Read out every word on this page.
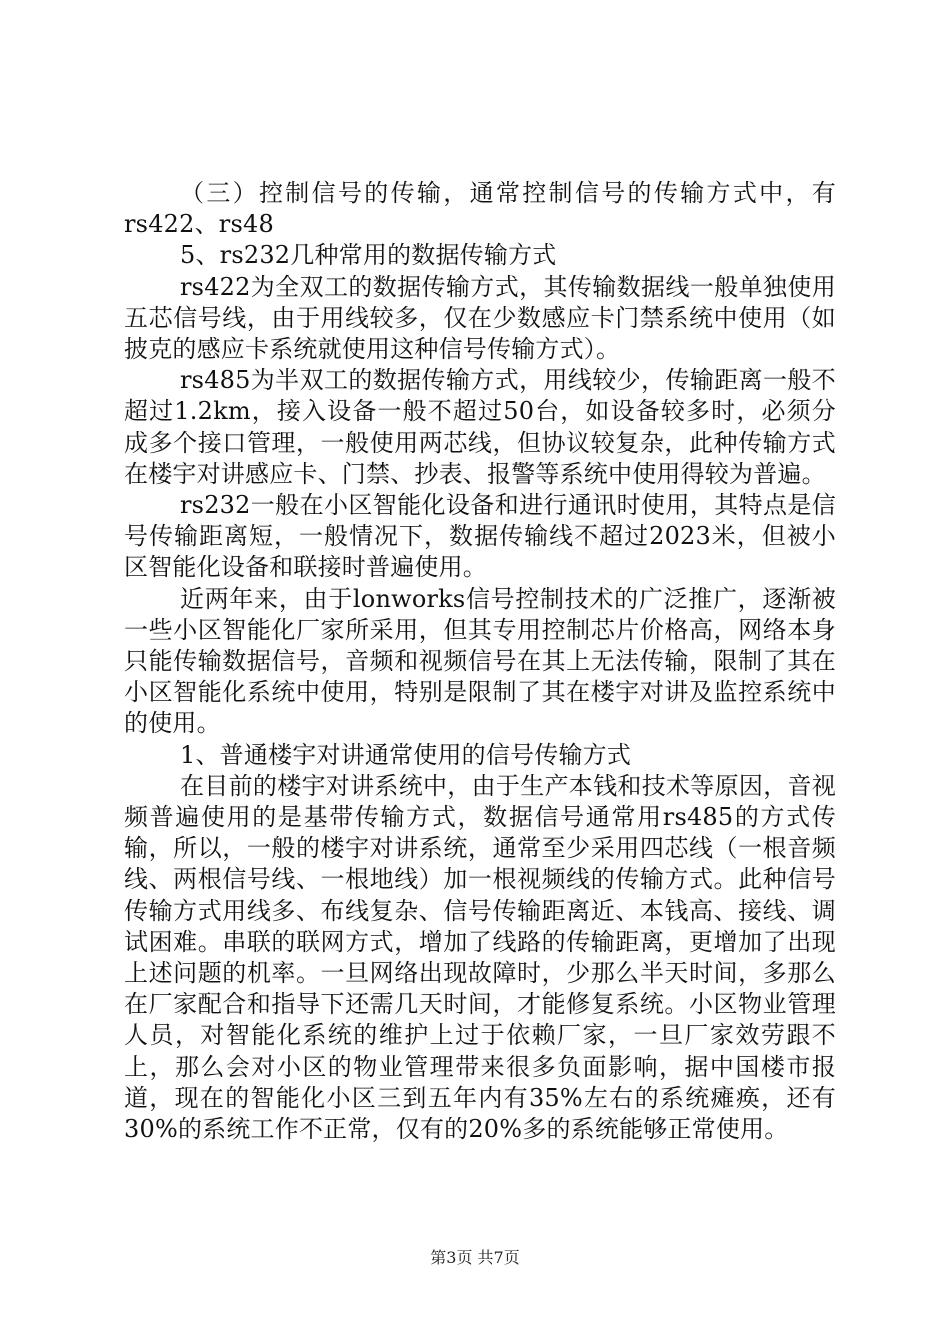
（三）控制信号的传输，通常控制信号的传输方式中，有rs422、rs48

5、rs232几种常用的数据传输方式

rs422为全双工的数据传输方式，其传输数据线一般单独使用五芯信号线，由于用线较多，仅在少数感应卡门禁系统中使用（如披克的感应卡系统就使用这种信号传输方式）。

rs485为半双工的数据传输方式，用线较少，传输距离一般不超过1.2km，接入设备一般不超过50台，如设备较多时，必须分成多个接口管理，一般使用两芯线，但协议较复杂，此种传输方式在楼宇对讲感应卡、门禁、抄表、报警等系统中使用得较为普遍。

rs232一般在小区智能化设备和进行通讯时使用，其特点是信号传输距离短，一般情况下，数据传输线不超过2023米，但被小区智能化设备和联接时普遍使用。

近两年来，由于lonworks信号控制技术的广泛推广，逐渐被一些小区智能化厂家所采用，但其专用控制芯片价格高，网络本身只能传输数据信号，音频和视频信号在其上无法传输，限制了其在小区智能化系统中使用，特别是限制了其在楼宇对讲及监控系统中的使用。

1、普通楼宇对讲通常使用的信号传输方式

在目前的楼宇对讲系统中，由于生产本钱和技术等原因，音视频普遍使用的是基带传输方式，数据信号通常用rs485的方式传输，所以，一般的楼宇对讲系统，通常至少采用四芯线（一根音频线、两根信号线、一根地线）加一根视频线的传输方式。此种信号传输方式用线多、布线复杂、信号传输距离近、本钱高、接线、调试困难。串联的联网方式，增加了线路的传输距离，更增加了出现上述问题的机率。一旦网络出现故障时，少那么半天时间，多那么在厂家配合和指导下还需几天时间，才能修复系统。小区物业管理人员，对智能化系统的维护上过于依赖厂家，一旦厂家效劳跟不上，那么会对小区的物业管理带来很多负面影响，据中国楼市报道，现在的智能化小区三到五年内有35%左右的系统瘫痪，还有30%的系统工作不正常，仅有的20%多的系统能够正常使用。

第3页 共7页
